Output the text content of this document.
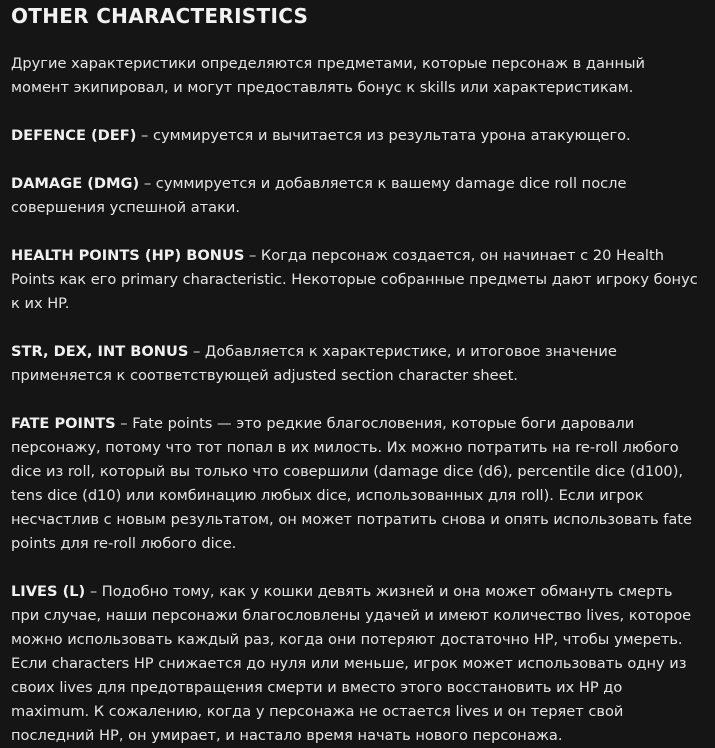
OTHER CHARACTERISTICS

Другие характеристики определяются предметами, которые персонаж в данный момент экипировал, и могут предоставлять бонус к skills или характеристикам.

DEFENCE (DEF) – суммируется и вычитается из результата урона атакующего.

DAMAGE (DMG) – суммируется и добавляется к вашему damage dice roll после совершения успешной атаки.

HEALTH POINTS (HP) BONUS – Когда персонаж создается, он начинает с 20 Health Points как его primary characteristic. Некоторые собранные предметы дают игроку бонус к их HP.

STR, DEX, INT BONUS – Добавляется к характеристике, и итоговое значение применяется к соответствующей adjusted section character sheet.

FATE POINTS – Fate points — это редкие благословения, которые боги даровали персонажу, потому что тот попал в их милость. Их можно потратить на re-roll любого dice из roll, который вы только что совершили (damage dice (d6), percentile dice (d100), tens dice (d10) или комбинацию любых dice, использованных для roll). Если игрок несчастлив с новым результатом, он может потратить снова и опять использовать fate points для re-roll любого dice.

LIVES (L) – Подобно тому, как у кошки девять жизней и она может обмануть смерть при случае, наши персонажи благословлены удачей и имеют количество lives, которое можно использовать каждый раз, когда они потеряют достаточно HP, чтобы умереть. Если characters HP снижается до нуля или меньше, игрок может использовать одну из своих lives для предотвращения смерти и вместо этого восстановить их HP до maximum. К сожалению, когда у персонажа не остается lives и он теряет свой последний HP, он умирает, и настало время начать нового персонажа.
